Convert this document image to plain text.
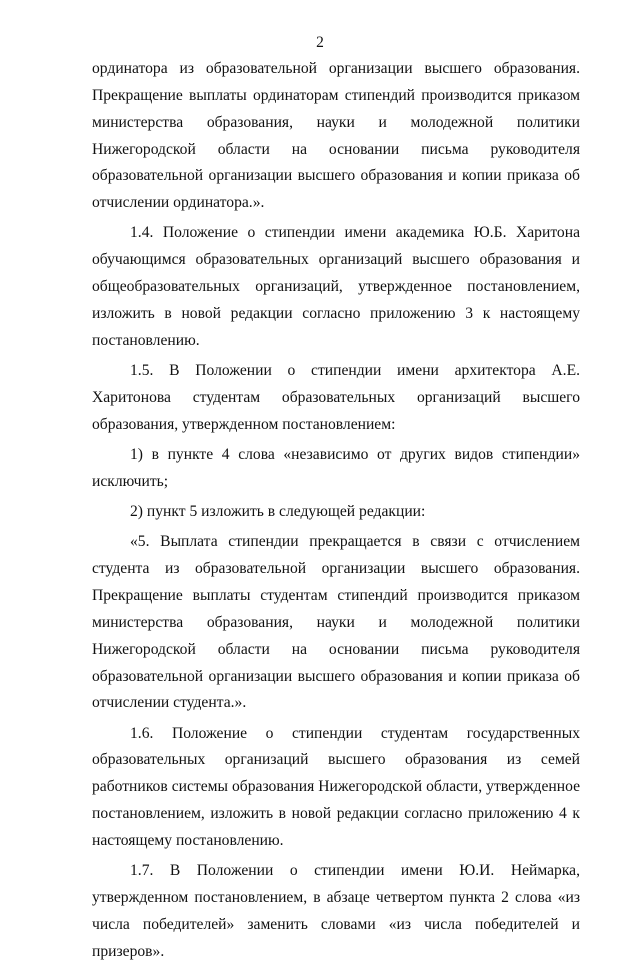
2

ординатора из образовательной организации высшего образования. Прекращение выплаты ординаторам стипендий производится приказом министерства образования, науки и молодежной политики Нижегородской области на основании письма руководителя образовательной организации высшего образования и копии приказа об отчислении ординатора.».

1.4. Положение о стипендии имени академика Ю.Б. Харитона обучающимся образовательных организаций высшего образования и общеобразовательных организаций, утвержденное постановлением, изложить в новой редакции согласно приложению 3 к настоящему постановлению.

1.5. В Положении о стипендии имени архитектора А.Е. Харитонова студентам образовательных организаций высшего образования, утвержденном постановлением:

1) в пункте 4 слова «независимо от других видов стипендии» исключить;

2) пункт 5 изложить в следующей редакции:

«5. Выплата стипендии прекращается в связи с отчислением студента из образовательной организации высшего образования. Прекращение выплаты студентам стипендий производится приказом министерства образования, науки и молодежной политики Нижегородской области на основании письма руководителя образовательной организации высшего образования и копии приказа об отчислении студента.».

1.6. Положение о стипендии студентам государственных образовательных организаций высшего образования из семей работников системы образования Нижегородской области, утвержденное постановлением, изложить в новой редакции согласно приложению 4 к настоящему постановлению.

1.7. В Положении о стипендии имени Ю.И. Неймарка, утвержденном постановлением, в абзаце четвертом пункта 2 слова «из числа победителей» заменить словами «из числа победителей и призеров».
